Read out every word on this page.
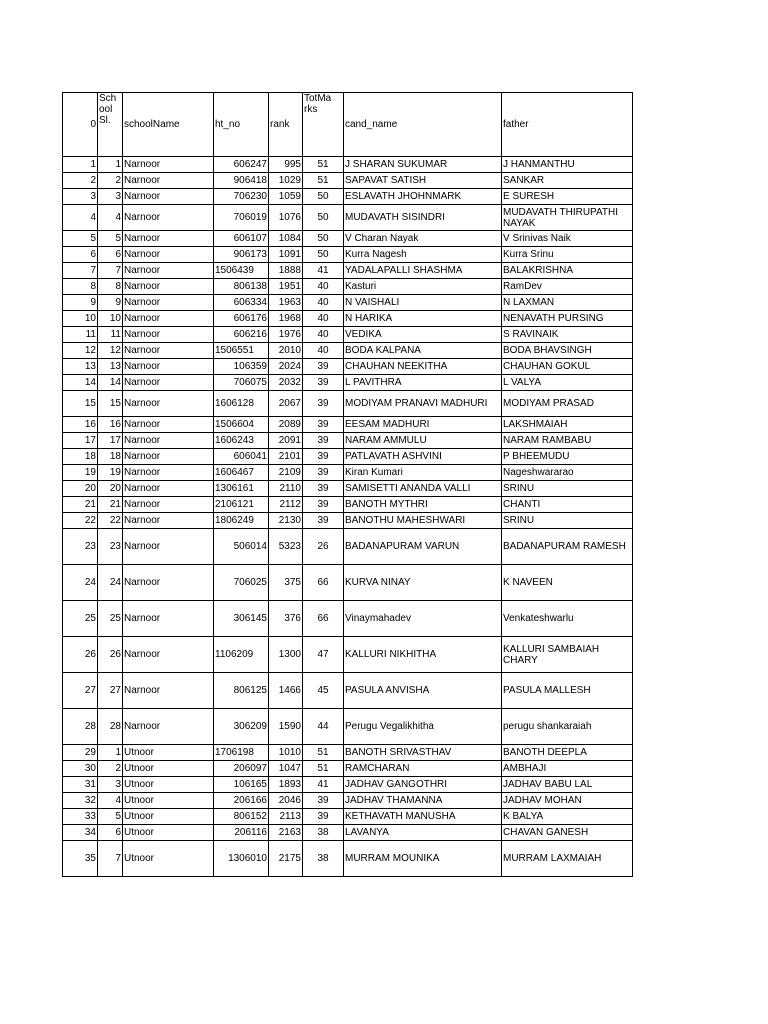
0	Sch ool Sl.	schoolName	ht_no	rank	TotMa rks	cand_name	father
1	1	Narnoor	606247	995	51	J SHARAN SUKUMAR	J HANMANTHU
2	2	Narnoor	906418	1029	51	SAPAVAT SATISH	SANKAR
3	3	Narnoor	706230	1059	50	ESLAVATH JHOHNMARK	E SURESH
4	4	Narnoor	706019	1076	50	MUDAVATH SISINDRI	MUDAVATH THIRUPATHI NAYAK
5	5	Narnoor	606107	1084	50	V Charan Nayak	V Srinivas Naik
6	6	Narnoor	906173	1091	50	Kurra Nagesh	Kurra Srinu
7	7	Narnoor	1506439	1888	41	YADALAPALLI SHASHMA	BALAKRISHNA
8	8	Narnoor	806138	1951	40	Kasturi	RamDev
9	9	Narnoor	606334	1963	40	N VAISHALI	N LAXMAN
10	10	Narnoor	606176	1968	40	N HARIKA	NENAVATH PURSING
11	11	Narnoor	606216	1976	40	VEDIKA	S RAVINAIK
12	12	Narnoor	1506551	2010	40	BODA KALPANA	BODA BHAVSINGH
13	13	Narnoor	106359	2024	39	CHAUHAN NEEKITHA	CHAUHAN GOKUL
14	14	Narnoor	706075	2032	39	L PAVITHRA	L VALYA
15	15	Narnoor	1606128	2067	39	MODIYAM PRANAVI MADHURI	MODIYAM PRASAD
16	16	Narnoor	1506604	2089	39	EESAM MADHURI	LAKSHMAIAH
17	17	Narnoor	1606243	2091	39	NARAM AMMULU	NARAM RAMBABU
18	18	Narnoor	606041	2101	39	PATLAVATH ASHVINI	P BHEEMUDU
19	19	Narnoor	1606467	2109	39	Kiran Kumari	Nageshwararao
20	20	Narnoor	1306161	2110	39	SAMISETTI ANANDA VALLI	SRINU
21	21	Narnoor	2106121	2112	39	BANOTH MYTHRI	CHANTI
22	22	Narnoor	1806249	2130	39	BANOTHU MAHESHWARI	SRINU
23	23	Narnoor	506014	5323	26	BADANAPURAM VARUN	BADANAPURAM RAMESH
24	24	Narnoor	706025	375	66	KURVA NINAY	K NAVEEN
25	25	Narnoor	306145	376	66	Vinaymahadev	Venkateshwarlu
26	26	Narnoor	1106209	1300	47	KALLURI NIKHITHA	KALLURI SAMBAIAH CHARY
27	27	Narnoor	806125	1466	45	PASULA ANVISHA	PASULA MALLESH
28	28	Narnoor	306209	1590	44	Perugu Vegalikhitha	perugu shankaraiah
29	1	Utnoor	1706198	1010	51	BANOTH SRIVASTHAV	BANOTH DEEPLA
30	2	Utnoor	206097	1047	51	RAMCHARAN	AMBHAJI
31	3	Utnoor	106165	1893	41	JADHAV GANGOTHRI	JADHAV BABU LAL
32	4	Utnoor	206166	2046	39	JADHAV THAMANNA	JADHAV MOHAN
33	5	Utnoor	806152	2113	39	KETHAVATH MANUSHA	K BALYA
34	6	Utnoor	206116	2163	38	LAVANYA	CHAVAN GANESH
35	7	Utnoor	1306010	2175	38	MURRAM MOUNIKA	MURRAM LAXMAIAH
